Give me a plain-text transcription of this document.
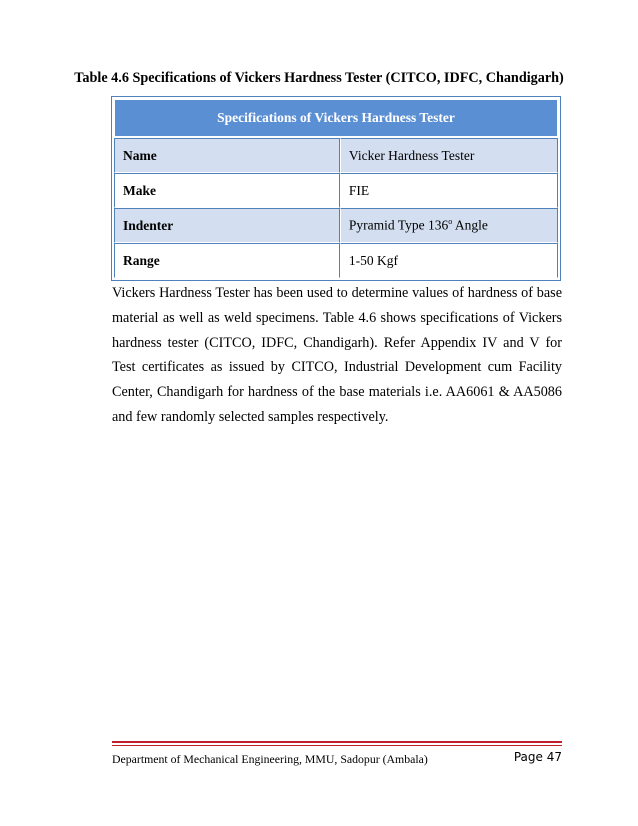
Table 4.6 Specifications of Vickers Hardness Tester (CITCO, IDFC, Chandigarh)
Specifications of Vickers Hardness Tester	
Name	Vicker Hardness Tester
Make	FIE
Indenter	Pyramid Type 136$^o$ Angle
Range	1-50 Kgf
Vickers Hardness Tester has been used to determine values of hardness of base material as well as weld specimens. Table 4.6 shows specifications of Vickers hardness tester (CITCO, IDFC, Chandigarh). Refer Appendix IV and V for Test certificates as issued by CITCO, Industrial Development cum Facility Center, Chandigarh for hardness of the base materials i.e. AA6061 & AA5086 and few randomly selected samples respectively.
Department of Mechanical Engineering, MMU, Sadopur (Ambala)	Page 47
